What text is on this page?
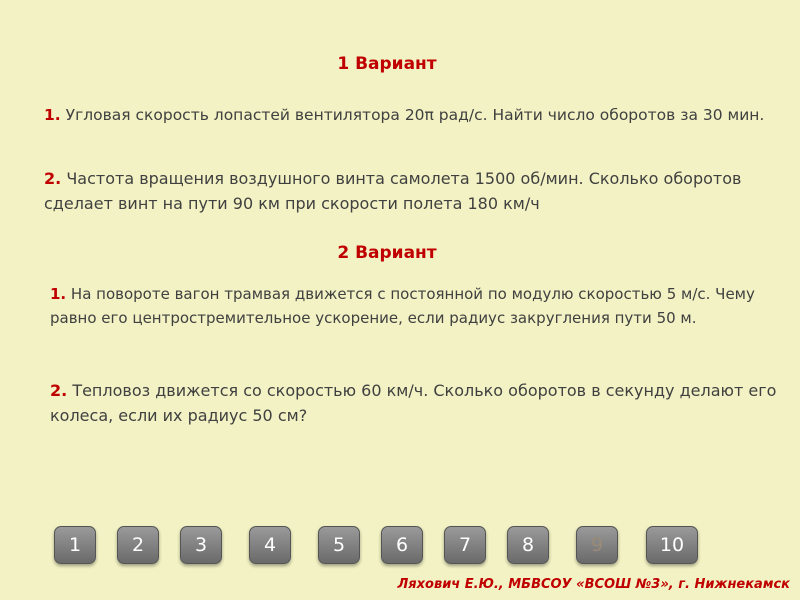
1 Вариант

1. Угловая скорость лопастей вентилятора 20π рад/с. Найти число оборотов за 30 мин.

2. Частота вращения воздушного винта самолета 1500 об/мин. Сколько оборотов сделает винт на пути 90 км при скорости полета 180 км/ч

2 Вариант

1. На повороте вагон трамвая движется с постоянной по модулю скоростью 5 м/с. Чему равно его центростремительное ускорение, если радиус закругления пути 50 м.

2. Тепловоз движется со скоростью 60 км/ч. Сколько оборотов в секунду делают его колеса, если их радиус 50 см?

1	2	3	4	5	6	7	8	9	10
Ляхович Е.Ю., МБВСОУ «ВСОШ №3», г. Нижнекамск
